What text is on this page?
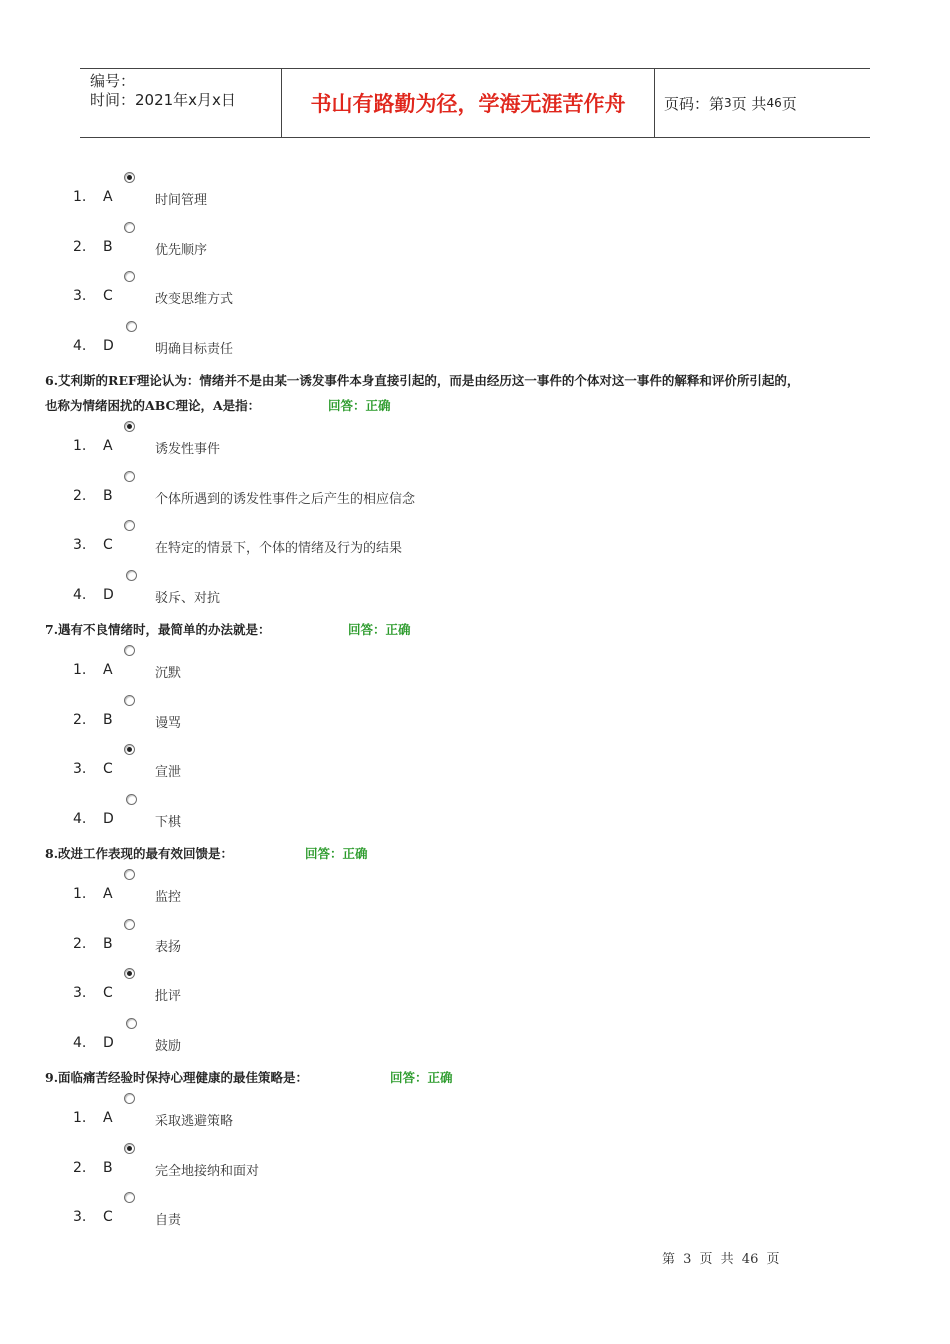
编号：
时间：2021年x月x日	书山有路勤为径，学海无涯苦作舟	页码：第 3 页 共 46 页
1. A	时间管理
2. B	优先顺序
3. C	改变思维方式
4. D	明确目标责任
6.艾利斯的REF理论认为：情绪并不是由某一诱发事件本身直接引起的，而是由经历这一事件的个体对这一事件的解释和评价所引起的，
也称为情绪困扰的ABC理论，A是指：	回答：正确
1. A	诱发性事件
2. B	个体所遇到的诱发性事件之后产生的相应信念
3. C	在特定的情景下，个体的情绪及行为的结果
4. D	驳斥、对抗
7.遇有不良情绪时，最简单的办法就是：	回答：正确
1. A	沉默
2. B	谩骂
3. C	宣泄
4. D	下棋
8.改进工作表现的最有效回馈是：	回答：正确
1. A	监控
2. B	表扬
3. C	批评
4. D	鼓励
9.面临痛苦经验时保持心理健康的最佳策略是：	回答：正确
1. A	采取逃避策略
2. B	完全地接纳和面对
3. C	自责
第 3 页 共 46 页
